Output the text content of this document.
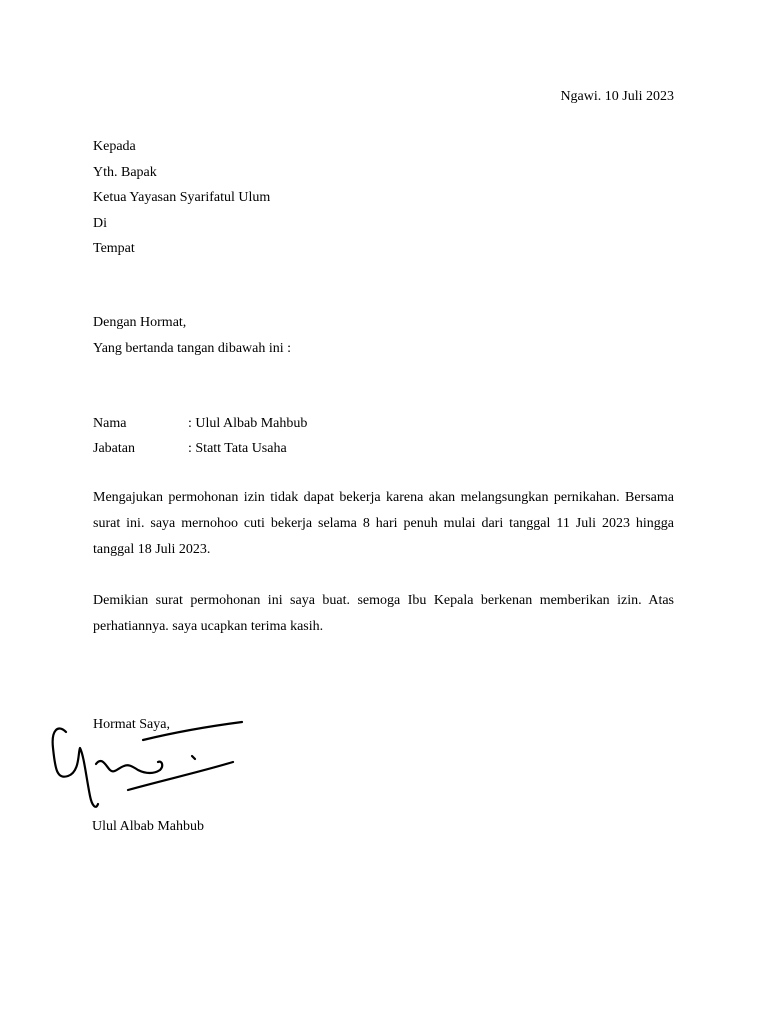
Ngawi. 10 Juli 2023
Kepada
Yth. Bapak
Ketua Yayasan Syarifatul Ulum
Di
Tempat
Dengan Hormat,
Yang bertanda tangan dibawah ini :
Nama	: Ulul Albab Mahbub
Jabatan	: Statt Tata Usaha
Mengajukan permohonan izin tidak dapat bekerja karena akan melangsungkan pernikahan. Bersama surat ini. saya mernohoo cuti bekerja selama 8 hari penuh mulai dari tanggal 11 Juli 2023 hingga tanggal 18 Juli 2023.
Demikian surat permohonan ini saya buat. semoga Ibu Kepala berkenan memberikan izin. Atas perhatiannya. saya ucapkan terima kasih.
Hormat Saya,
Ulul Albab Mahbub
